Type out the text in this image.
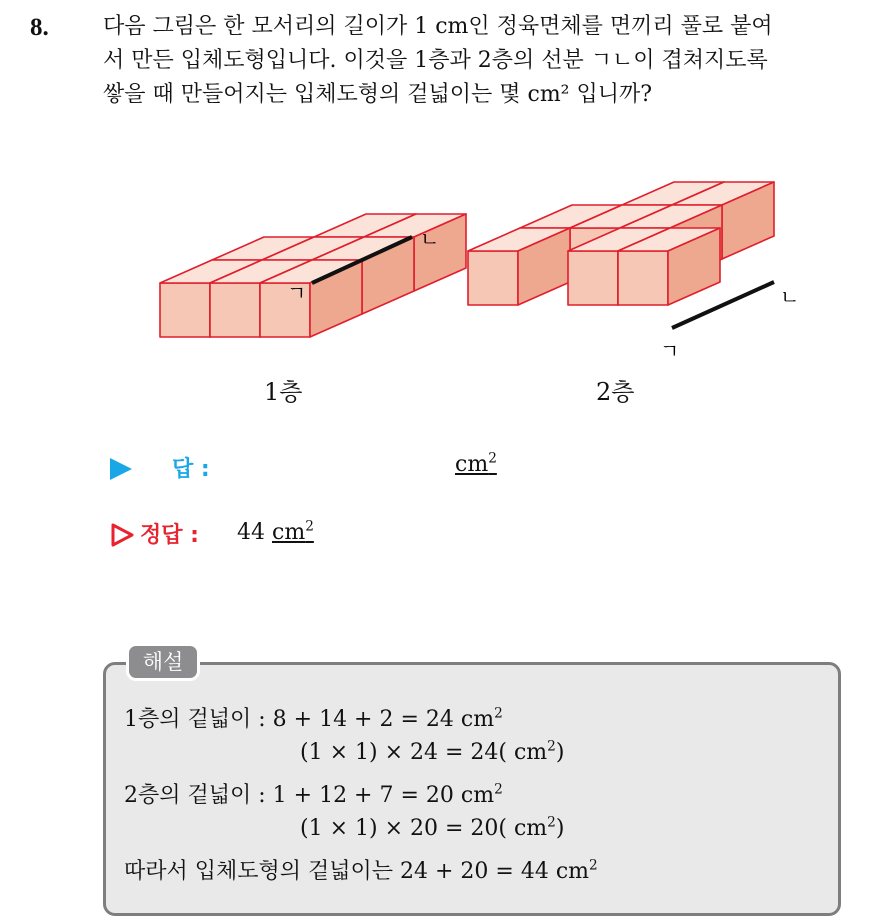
8. 다음 그림은 한 모서리의 길이가 1 cm인 정육면체를 면끼리 풀로 붙여
서 만든 입체도형입니다. 이것을 1층과 2층의 선분 ㄱㄴ이 겹쳐지도록
쌓을 때 만들어지는 입체도형의 겉넓이는 몇 cm² 입니까?
ㄱ
ㄴ
ㄱ
ㄴ
1층	2층
답 :	$cm^2$
정답 : 44 $cm^2$
해설
1층의 겉넓이 : 8 + 14 + 2 = 24 $cm^2$
(1 × 1) × 24 = 24( $cm^2$)
2층의 겉넓이 : 1 + 12 + 7 = 20 $cm^2$
(1 × 1) × 20 = 20( $cm^2$)
따라서 입체도형의 겉넓이는 24 + 20 = 44 $cm^2$
